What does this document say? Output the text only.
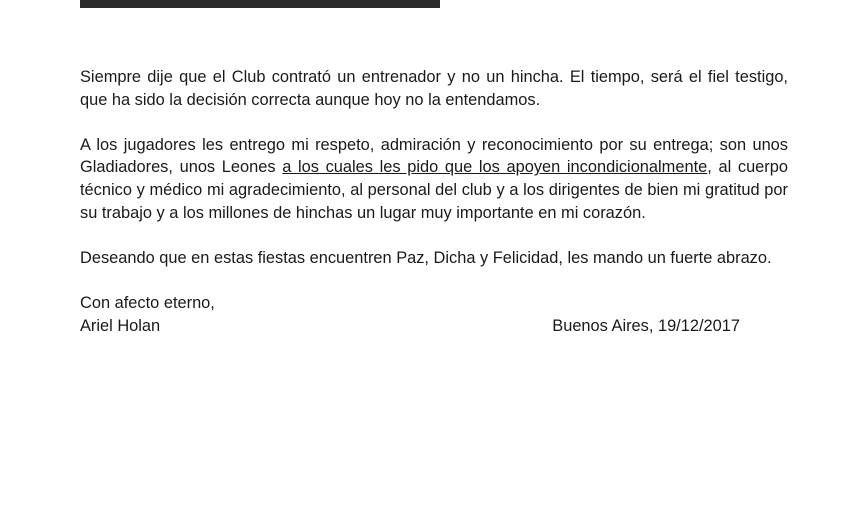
Siempre dije que el Club contrató un entrenador y no un hincha. El tiempo, será el fiel testigo, que ha sido la decisión correcta aunque hoy no la entendamos.

A los jugadores les entrego mi respeto, admiración y reconocimiento por su entrega; son unos Gladiadores, unos Leones a los cuales les pido que los apoyen incondicionalmente, al cuerpo técnico y médico mi agradecimiento, al personal del club y a los dirigentes de bien mi gratitud por su trabajo y a los millones de hinchas un lugar muy importante en mi corazón.

Deseando que en estas fiestas encuentren Paz, Dicha y Felicidad, les mando un fuerte abrazo.

Con afecto eterno,

Ariel Holan	Buenos Aires, 19/12/2017
